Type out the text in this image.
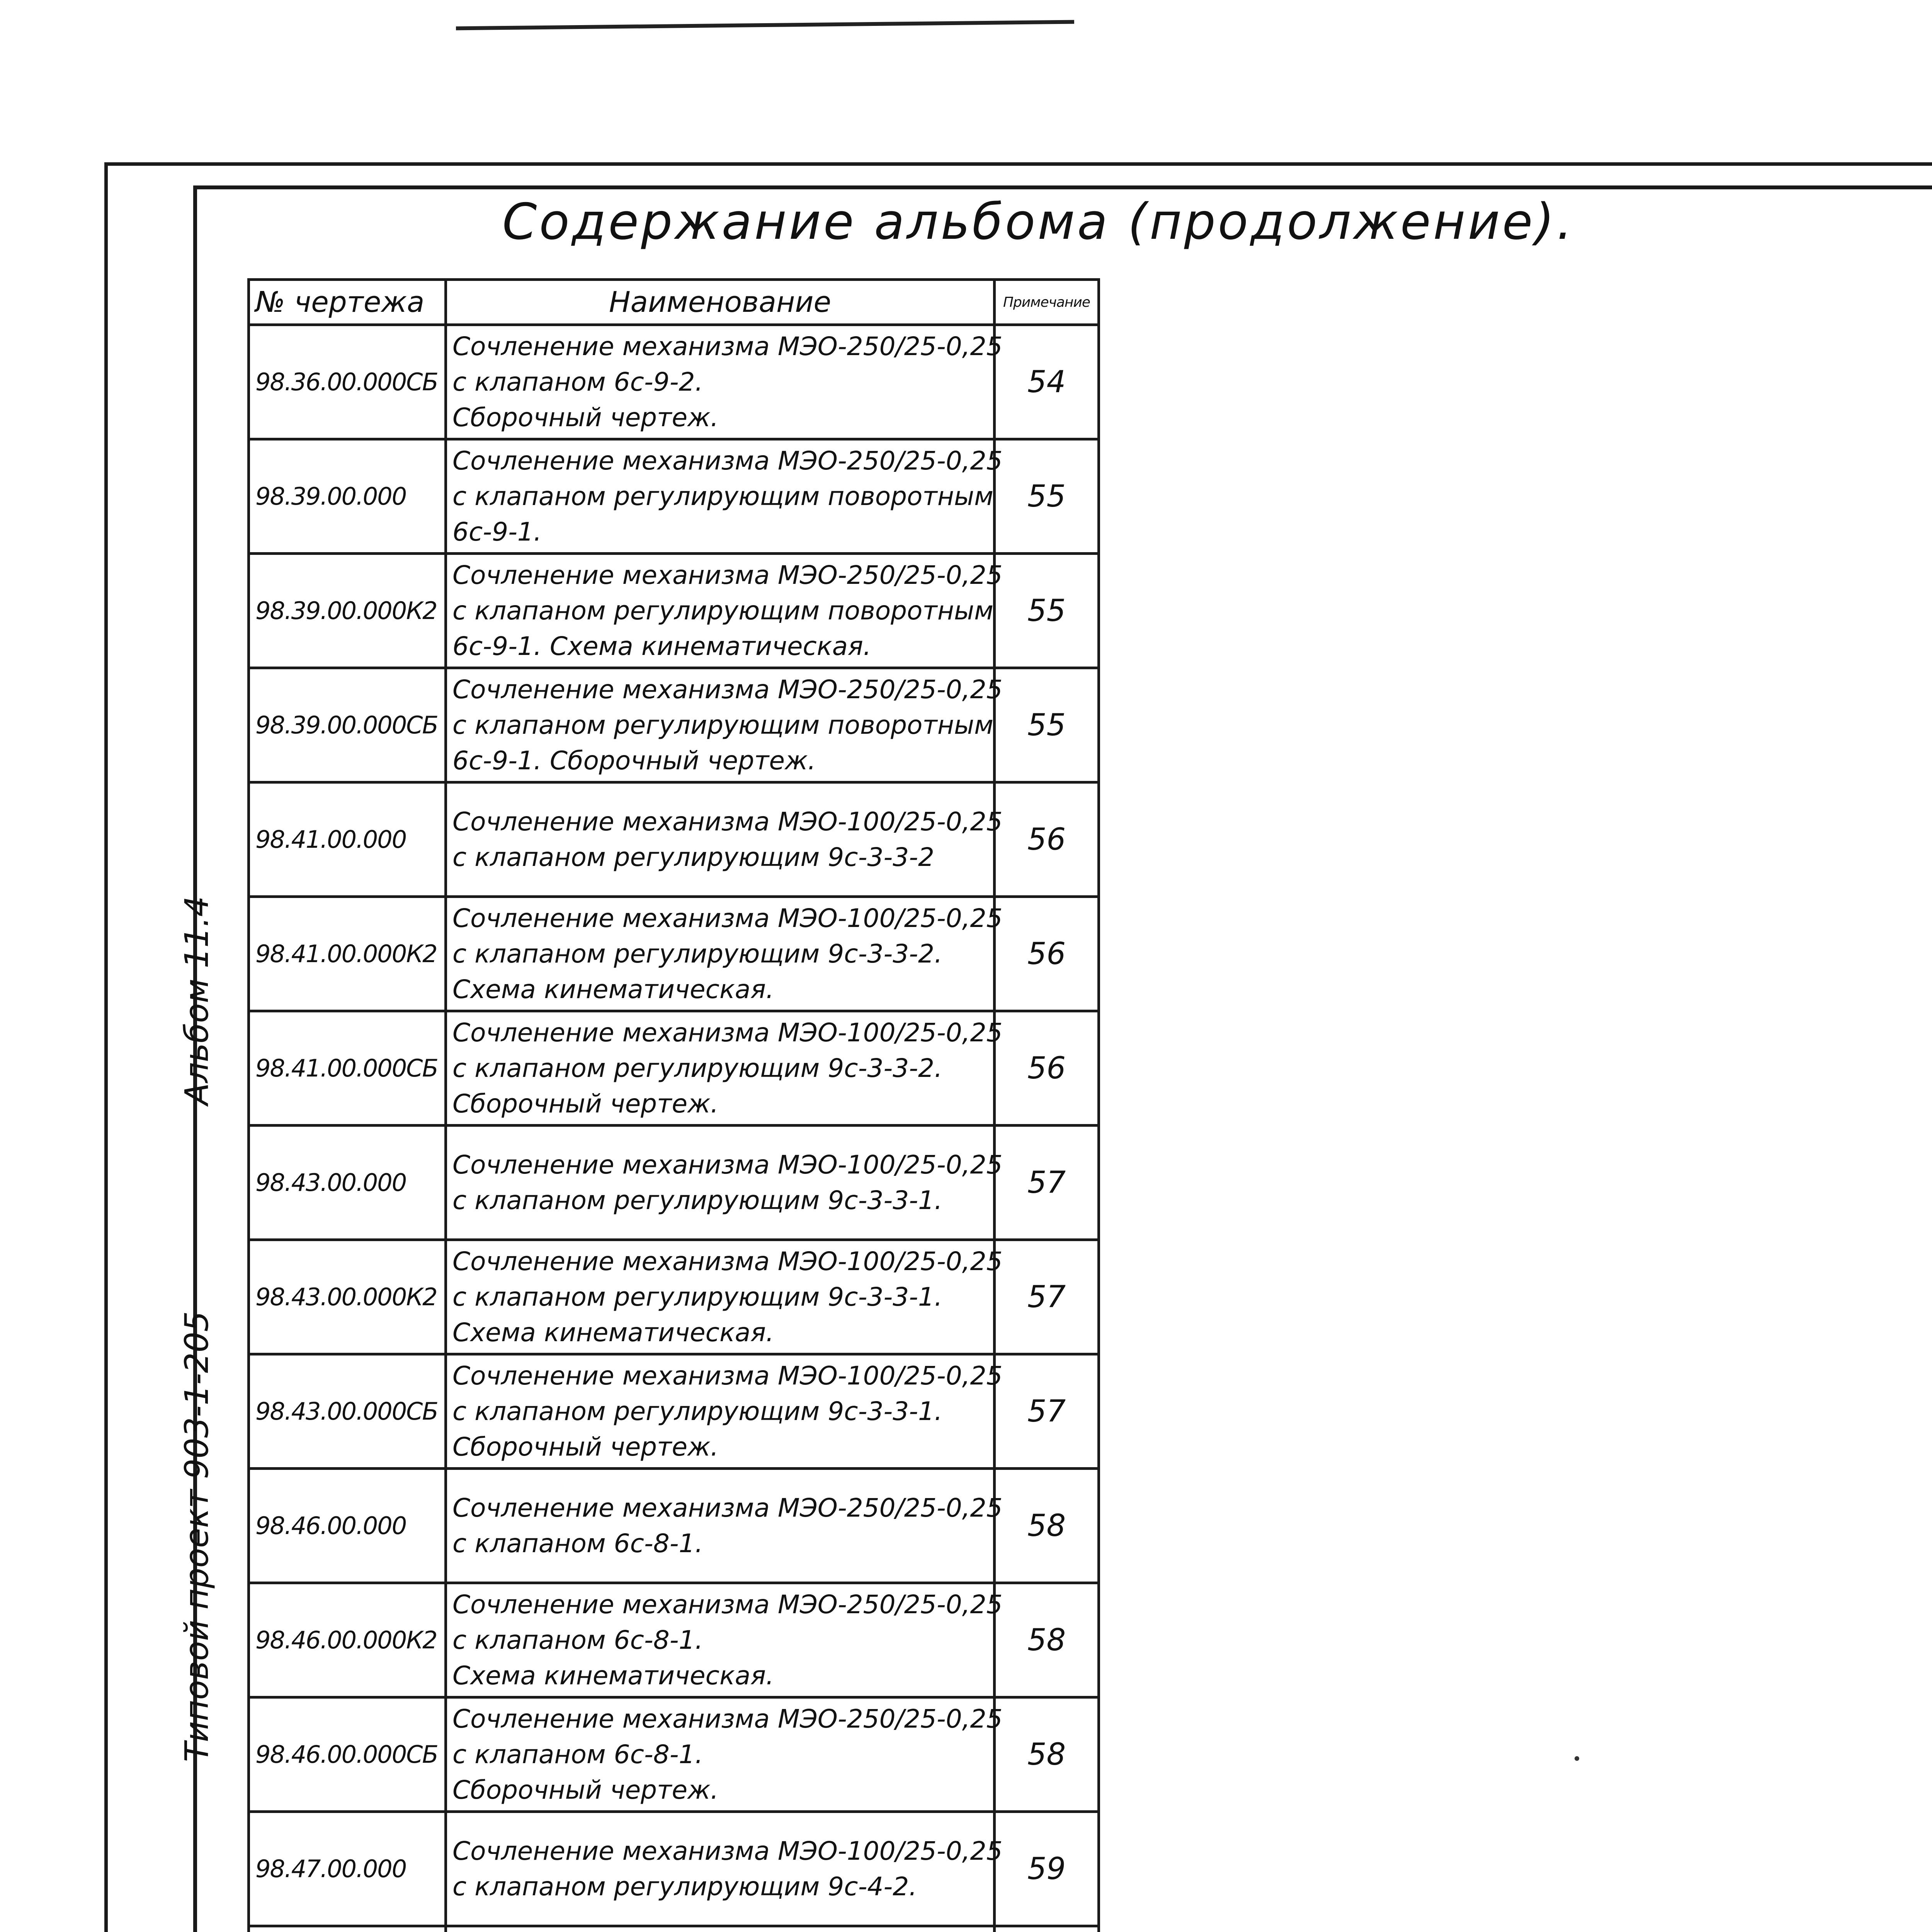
Содержание альбома (продолжение).
Альбом 11.4
Типовой проект 903-1-205
№ чертежа	Наименование	Примечание
98.36.00.000СБ	Сочленение механизма МЭО-250/25-0,25
с клапаном 6с-9-2.
Сборочный чертеж.	54
98.39.00.000	Сочленение механизма МЭО-250/25-0,25
с клапаном регулирующим поворотным
6с-9-1.	55
98.39.00.000К2	Сочленение механизма МЭО-250/25-0,25
с клапаном регулирующим поворотным
6с-9-1. Схема кинематическая.	55
98.39.00.000СБ	Сочленение механизма МЭО-250/25-0,25
с клапаном регулирующим поворотным
6с-9-1. Сборочный чертеж.	55
98.41.00.000	Сочленение механизма МЭО-100/25-0,25
с клапаном регулирующим 9с-3-3-2	56
98.41.00.000К2	Сочленение механизма МЭО-100/25-0,25
с клапаном регулирующим 9с-3-3-2.
Схема кинематическая.	56
98.41.00.000СБ	Сочленение механизма МЭО-100/25-0,25
с клапаном регулирующим 9с-3-3-2.
Сборочный чертеж.	56
98.43.00.000	Сочленение механизма МЭО-100/25-0,25
с клапаном регулирующим 9с-3-3-1.	57
98.43.00.000К2	Сочленение механизма МЭО-100/25-0,25
с клапаном регулирующим 9с-3-3-1.
Схема кинематическая.	57
98.43.00.000СБ	Сочленение механизма МЭО-100/25-0,25
с клапаном регулирующим 9с-3-3-1.
Сборочный чертеж.	57
98.46.00.000	Сочленение механизма МЭО-250/25-0,25
с клапаном 6с-8-1.	58
98.46.00.000К2	Сочленение механизма МЭО-250/25-0,25
с клапаном 6с-8-1.
Схема кинематическая.	58
98.46.00.000СБ	Сочленение механизма МЭО-250/25-0,25
с клапаном 6с-8-1.
Сборочный чертеж.	58
98.47.00.000	Сочленение механизма МЭО-100/25-0,25
с клапаном регулирующим 9с-4-2.	59
